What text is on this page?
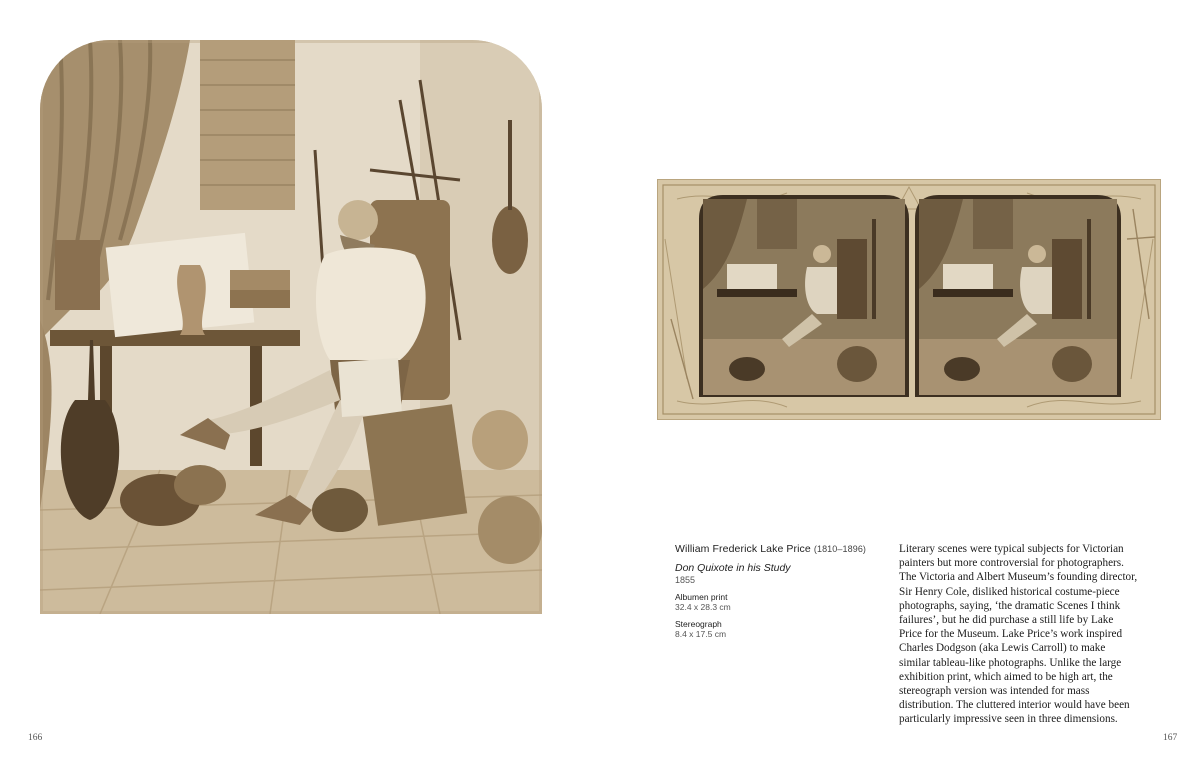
William Frederick Lake Price (1810–1896)
Don Quixote in his Study
1855
Albumen print
32.4 x 28.3 cm
Stereograph
8.4 x 17.5 cm

Literary scenes were typical subjects for Victorian painters but more controversial for photographers. The Victoria and Albert Museum’s founding director, Sir Henry Cole, disliked historical costume-piece photographs, saying, ‘the dramatic Scenes I think failures’, but he did purchase a still life by Lake Price for the Museum. Lake Price’s work inspired Charles Dodgson (aka Lewis Carroll) to make similar tableau-like photographs. Unlike the large exhibition print, which aimed to be high art, the stereograph version was intended for mass distribution. The cluttered interior would have been particularly impressive seen in three dimensions.

166	167
